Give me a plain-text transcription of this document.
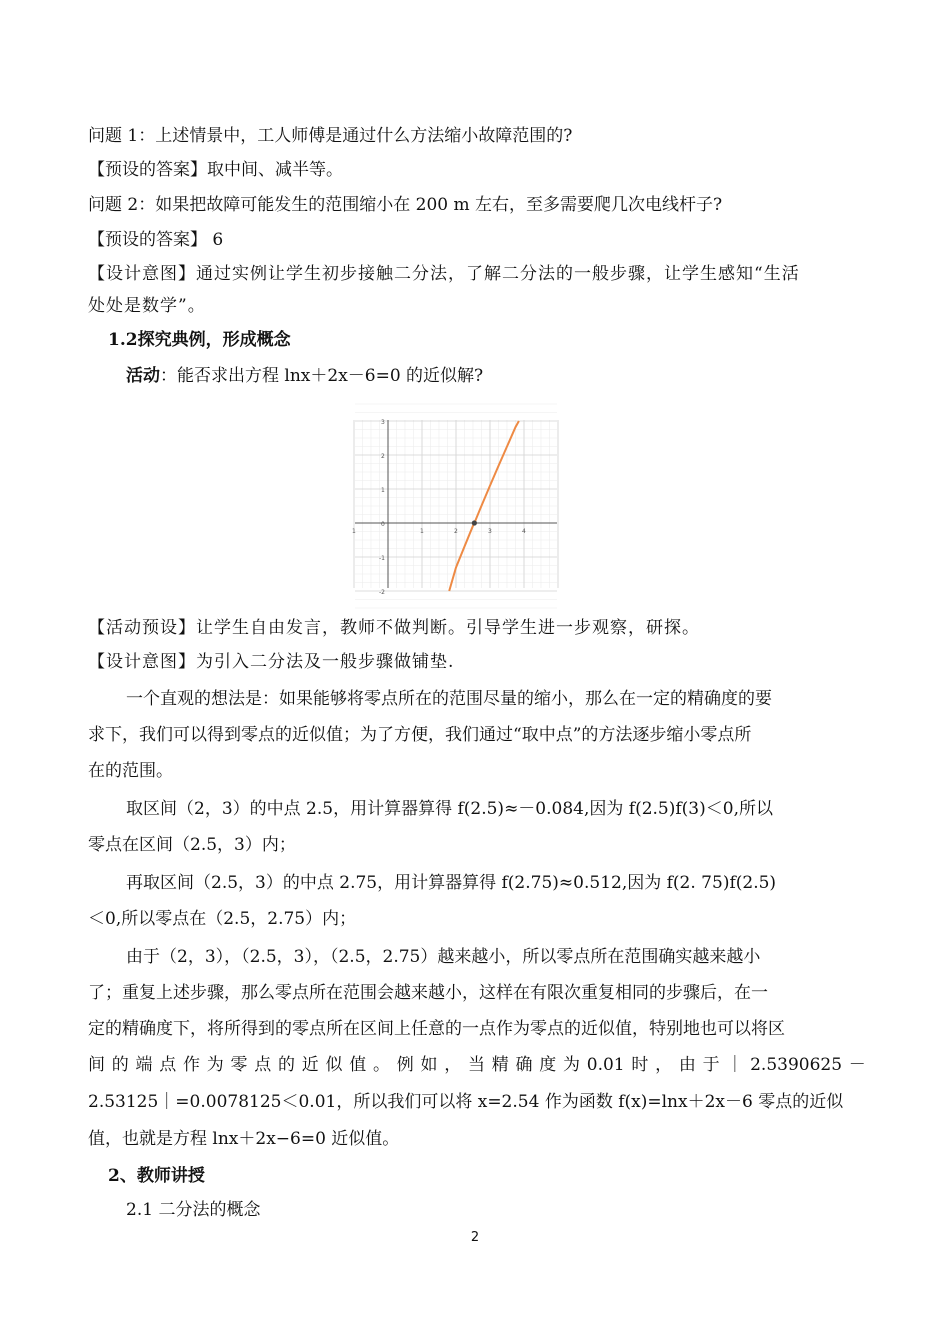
问题 1：上述情景中，工人师傅是通过什么方法缩小故障范围的?
【预设的答案】取中间、减半等。
问题 2：如果把故障可能发生的范围缩小在 200 m 左右，至多需要爬几次电线杆子?
【预设的答案】 6
【设计意图】通过实例让学生初步接触二分法，了解二分法的一般步骤，让学生感知“生活
处处是数学”。
1.2探究典例，形成概念
活动：能否求出方程 lnx＋2x－6=0 的近似解?
1	1	2	3	4
3
2
1
0
-1
-2
【活动预设】让学生自由发言，教师不做判断。引导学生进一步观察，研探。
【设计意图】为引入二分法及一般步骤做铺垫.
一个直观的想法是：如果能够将零点所在的范围尽量的缩小，那么在一定的精确度的要
求下，我们可以得到零点的近似值；为了方便，我们通过“取中点”的方法逐步缩小零点所
在的范围。
取区间（2，3）的中点 2.5，用计算器算得 f(2.5)≈－0.084,因为 f(2.5)f(3)＜0,所以
零点在区间（2.5，3）内；
再取区间（2.5，3）的中点 2.75，用计算器算得 f(2.75)≈0.512,因为 f(2. 75)f(2.5)
＜0,所以零点在（2.5，2.75）内；
由于（2，3），（2.5，3），（2.5，2.75）越来越小，所以零点所在范围确实越来越小
了；重复上述步骤，那么零点所在范围会越来越小，这样在有限次重复相同的步骤后，在一
定的精确度下，将所得到的零点所在区间上任意的一点作为零点的近似值，特别地也可以将区
间 的 端 点 作 为 零 点 的 近 似 值 。 例 如 ， 当 精 确 度 为 0.01 时 ， 由 于 ｜ 2.5390625 －
2.53125｜=0.0078125＜0.01，所以我们可以将 x=2.54 作为函数 f(x)=lnx＋2x－6 零点的近似
值，也就是方程 lnx＋2x−6=0 近似值。
2、教师讲授
2.1 二分法的概念
2
